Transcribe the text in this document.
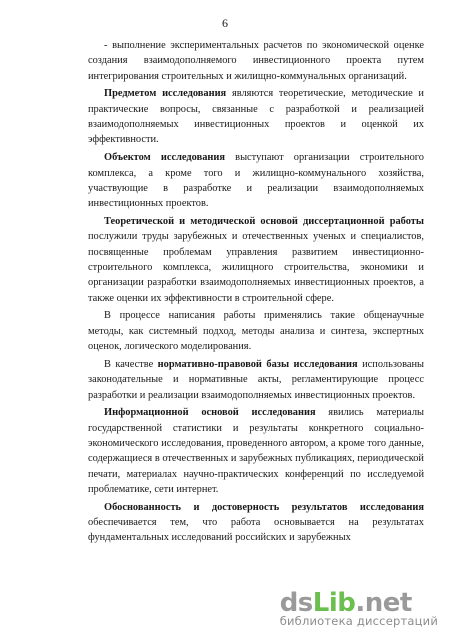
6

- выполнение экспериментальных расчетов по экономической оценке создания взаимодополняемого инвестиционного проекта путем интегрирования строительных и жилищно-коммунальных организаций.

Предметом исследования являются теоретические, методические и практические вопросы, связанные с разработкой и реализацией взаимодополняемых инвестиционных проектов и оценкой их эффективности.

Объектом исследования выступают организации строительного комплекса, а кроме того и жилищно-коммунального хозяйства, участвующие в разработке и реализации взаимодополняемых инвестиционных проектов.

Теоретической и методической основой диссертационной работы послужили труды зарубежных и отечественных ученых и специалистов, посвященные проблемам управления развитием инвестиционно-строительного комплекса, жилищного строительства, экономики и организации разработки взаимодополняемых инвестиционных проектов, а также оценки их эффективности в строительной сфере.

В процессе написания работы применялись такие общенаучные методы, как системный подход, методы анализа и синтеза, экспертных оценок, логического моделирования.

В качестве нормативно-правовой базы исследования использованы законодательные и нормативные акты, регламентирующие процесс разработки и реализации взаимодополняемых инвестиционных проектов.

Информационной основой исследования явились материалы государственной статистики и результаты конкретного социально-экономического исследования, проведенного автором, а кроме того данные, содержащиеся в отечественных и зарубежных публикациях, периодической печати, материалах научно-практических конференций по исследуемой проблематике, сети интернет.

Обоснованность и достоверность результатов исследования обеспечивается тем, что работа основывается на результатах фундаментальных исследований российских и зарубежных

ds Lib .net
библиотека диссертаций
